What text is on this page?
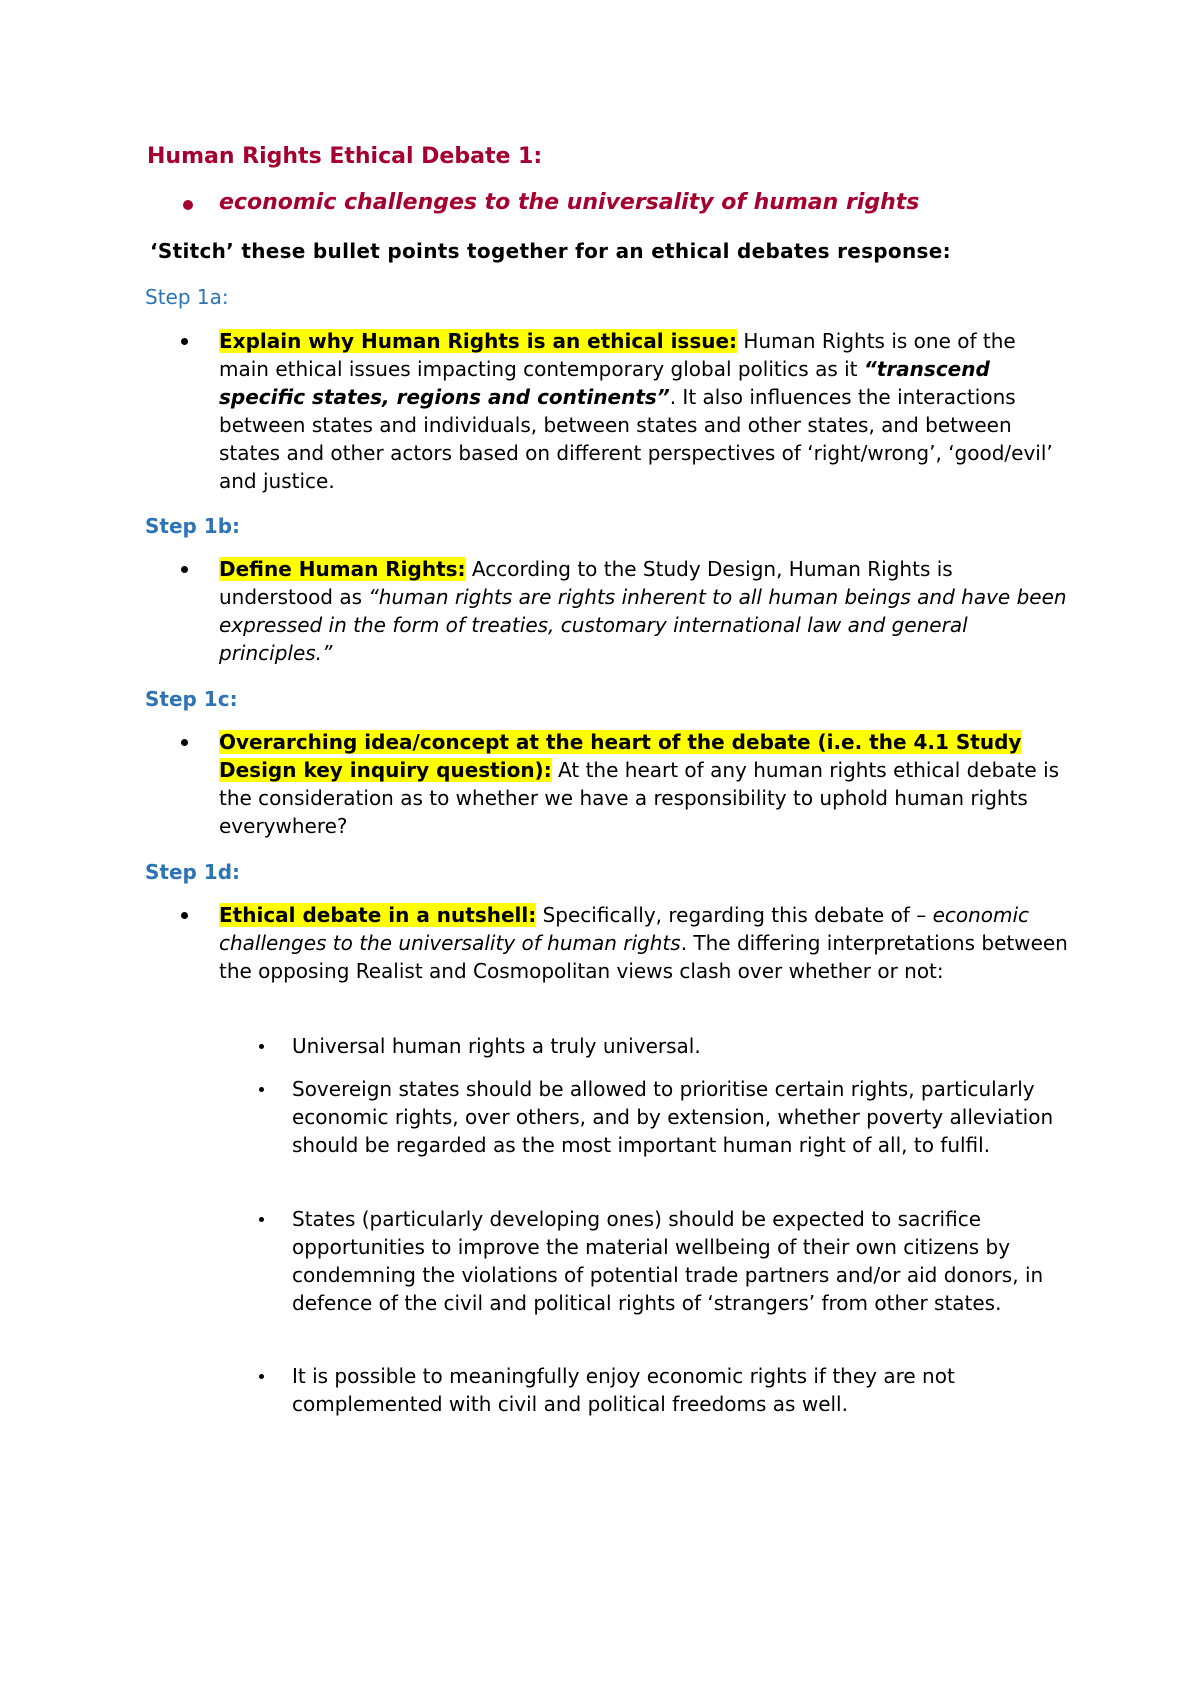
Human Rights Ethical Debate 1:

economic challenges to the universality of human rights

‘Stitch’ these bullet points together for an ethical debates response:

Step 1a:

Explain why Human Rights is an ethical issue: Human Rights is one of the main ethical issues impacting contemporary global politics as it “transcend specific states, regions and continents”. It also influences the interactions between states and individuals, between states and other states, and between states and other actors based on different perspectives of ‘right/wrong’, ‘good/evil’ and justice.

Step 1b:

Define Human Rights: According to the Study Design, Human Rights is understood as “human rights are rights inherent to all human beings and have been expressed in the form of treaties, customary international law and general principles.”

Step 1c:

Overarching idea/concept at the heart of the debate (i.e. the 4.1 Study Design key inquiry question): At the heart of any human rights ethical debate is the consideration as to whether we have a responsibility to uphold human rights everywhere?

Step 1d:

Ethical debate in a nutshell: Specifically, regarding this debate of – economic challenges to the universality of human rights. The differing interpretations between the opposing Realist and Cosmopolitan views clash over whether or not:
Universal human rights a truly universal.
Sovereign states should be allowed to prioritise certain rights, particularly economic rights, over others, and by extension, whether poverty alleviation should be regarded as the most important human right of all, to fulfil.
States (particularly developing ones) should be expected to sacrifice opportunities to improve the material wellbeing of their own citizens by condemning the violations of potential trade partners and/or aid donors, in defence of the civil and political rights of ‘strangers’ from other states.
It is possible to meaningfully enjoy economic rights if they are not complemented with civil and political freedoms as well.
